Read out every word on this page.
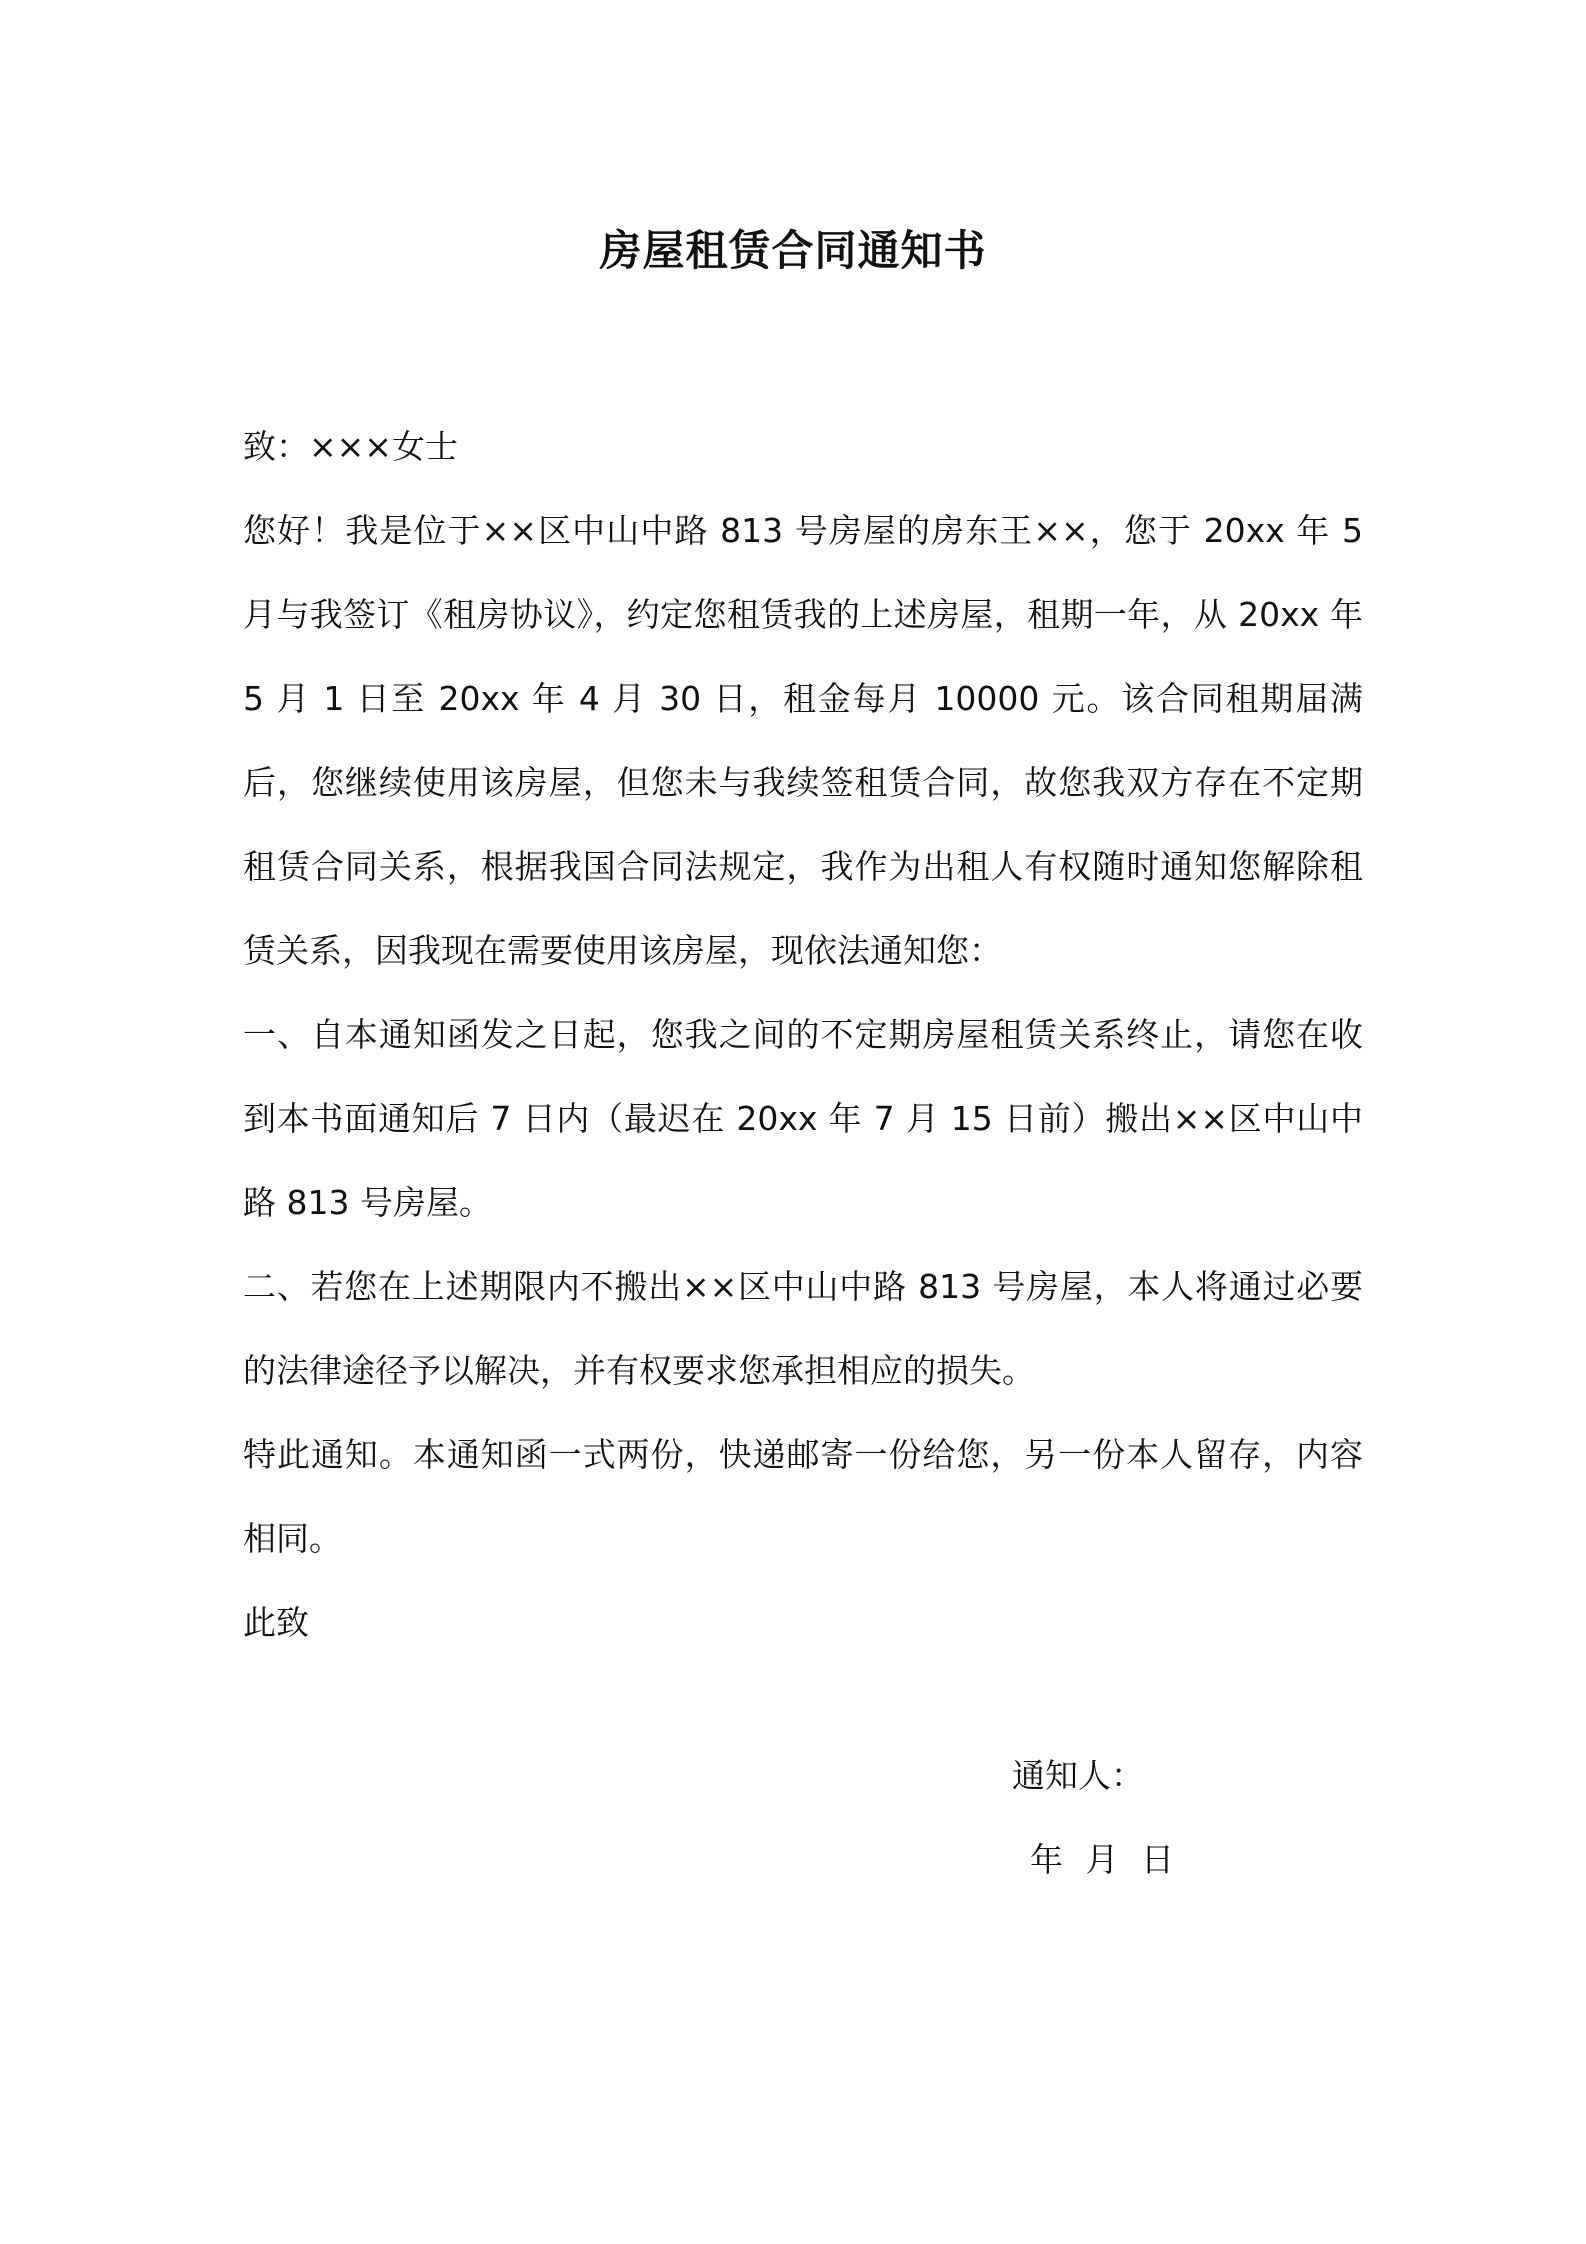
房屋租赁合同通知书

致：×××女士

您好！我是位于××区中山中路 813 号房屋的房东王××，您于 20xx 年 5 月与我签订《租房协议》，约定您租赁我的上述房屋，租期一年，从 20xx 年 5 月 1 日至 20xx 年 4 月 30 日，租金每月 10000 元。该合同租期届满后，您继续使用该房屋，但您未与我续签租赁合同，故您我双方存在不定期租赁合同关系，根据我国合同法规定，我作为出租人有权随时通知您解除租赁关系，因我现在需要使用该房屋，现依法通知您：

一、自本通知函发之日起，您我之间的不定期房屋租赁关系终止，请您在收到本书面通知后 7 日内（最迟在 20xx 年 7 月 15 日前）搬出××区中山中路 813 号房屋。

二、若您在上述期限内不搬出××区中山中路 813 号房屋，本人将通过必要的法律途径予以解决，并有权要求您承担相应的损失。

特此通知。本通知函一式两份，快递邮寄一份给您，另一份本人留存，内容相同。

此致

通知人：
年 月 日
